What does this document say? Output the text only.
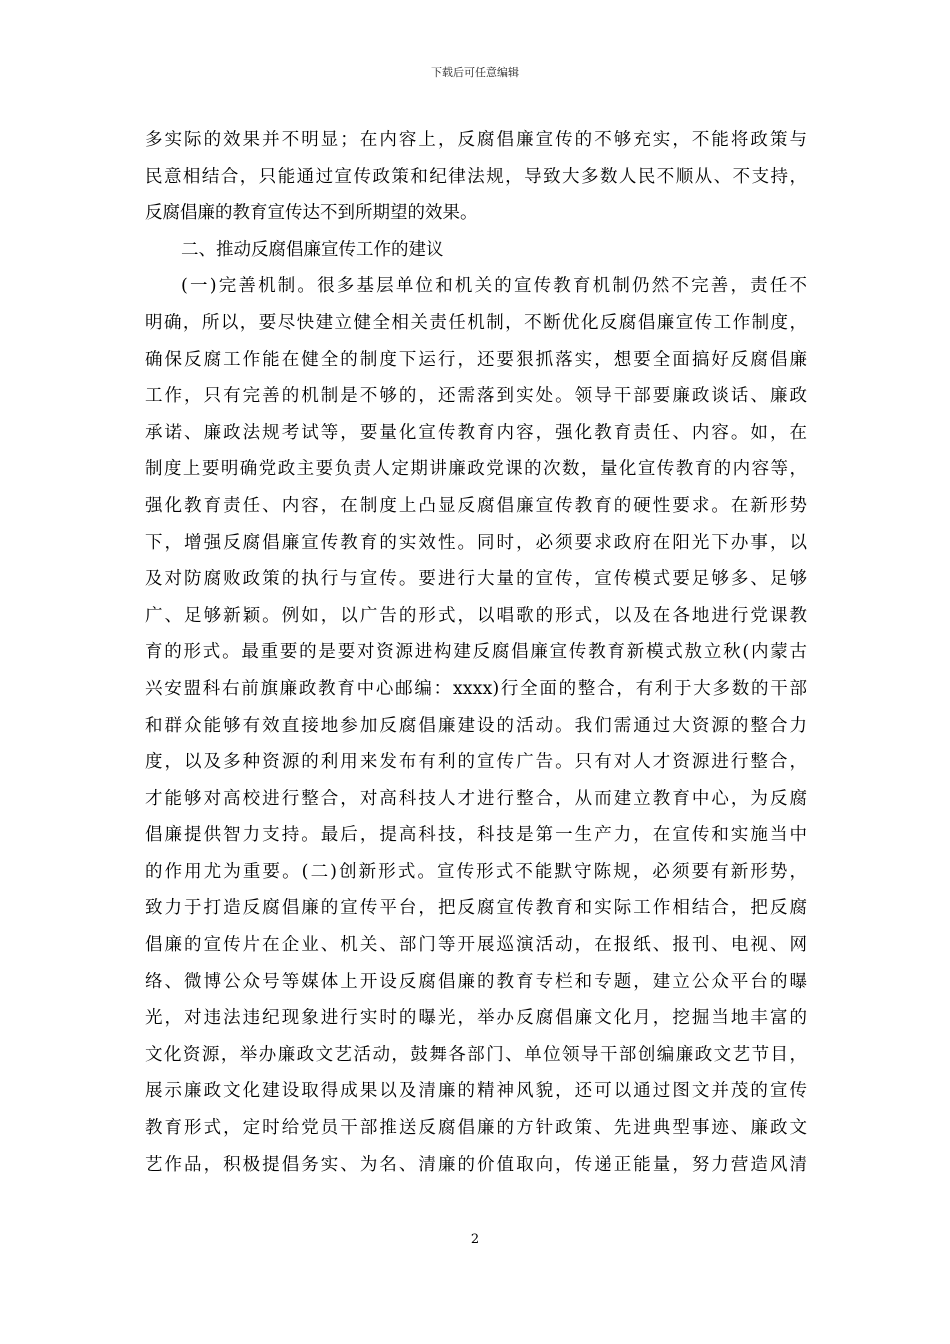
下载后可任意编辑
多实际的效果并不明显；在内容上，反腐倡廉宣传的不够充实，不能将政策与
民意相结合，只能通过宣传政策和纪律法规，导致大多数人民不顺从、不支持，
反腐倡廉的教育宣传达不到所期望的效果。
二、推动反腐倡廉宣传工作的建议
(一)完善机制。很多基层单位和机关的宣传教育机制仍然不完善，责任不
明确，所以，要尽快建立健全相关责任机制，不断优化反腐倡廉宣传工作制度，
确保反腐工作能在健全的制度下运行，还要狠抓落实，想要全面搞好反腐倡廉
工作，只有完善的机制是不够的，还需落到实处。领导干部要廉政谈话、廉政
承诺、廉政法规考试等，要量化宣传教育内容，强化教育责任、内容。如，在
制度上要明确党政主要负责人定期讲廉政党课的次数，量化宣传教育的内容等，
强化教育责任、内容，在制度上凸显反腐倡廉宣传教育的硬性要求。在新形势
下，增强反腐倡廉宣传教育的实效性。同时，必须要求政府在阳光下办事，以
及对防腐败政策的执行与宣传。要进行大量的宣传，宣传模式要足够多、足够
广、足够新颖。例如，以广告的形式，以唱歌的形式，以及在各地进行党课教
育的形式。最重要的是要对资源进构建反腐倡廉宣传教育新模式敖立秋(内蒙古
兴安盟科右前旗廉政教育中心邮编：xxxx)行全面的整合，有利于大多数的干部
和群众能够有效直接地参加反腐倡廉建设的活动。我们需通过大资源的整合力
度，以及多种资源的利用来发布有利的宣传广告。只有对人才资源进行整合，
才能够对高校进行整合，对高科技人才进行整合，从而建立教育中心，为反腐
倡廉提供智力支持。最后，提高科技，科技是第一生产力，在宣传和实施当中
的作用尤为重要。(二)创新形式。宣传形式不能默守陈规，必须要有新形势，
致力于打造反腐倡廉的宣传平台，把反腐宣传教育和实际工作相结合，把反腐
倡廉的宣传片在企业、机关、部门等开展巡演活动，在报纸、报刊、电视、网
络、微博公众号等媒体上开设反腐倡廉的教育专栏和专题，建立公众平台的曝
光，对违法违纪现象进行实时的曝光，举办反腐倡廉文化月，挖掘当地丰富的
文化资源，举办廉政文艺活动，鼓舞各部门、单位领导干部创编廉政文艺节目，
展示廉政文化建设取得成果以及清廉的精神风貌，还可以通过图文并茂的宣传
教育形式，定时给党员干部推送反腐倡廉的方针政策、先进典型事迹、廉政文
艺作品，积极提倡务实、为名、清廉的价值取向，传递正能量，努力营造风清
2
